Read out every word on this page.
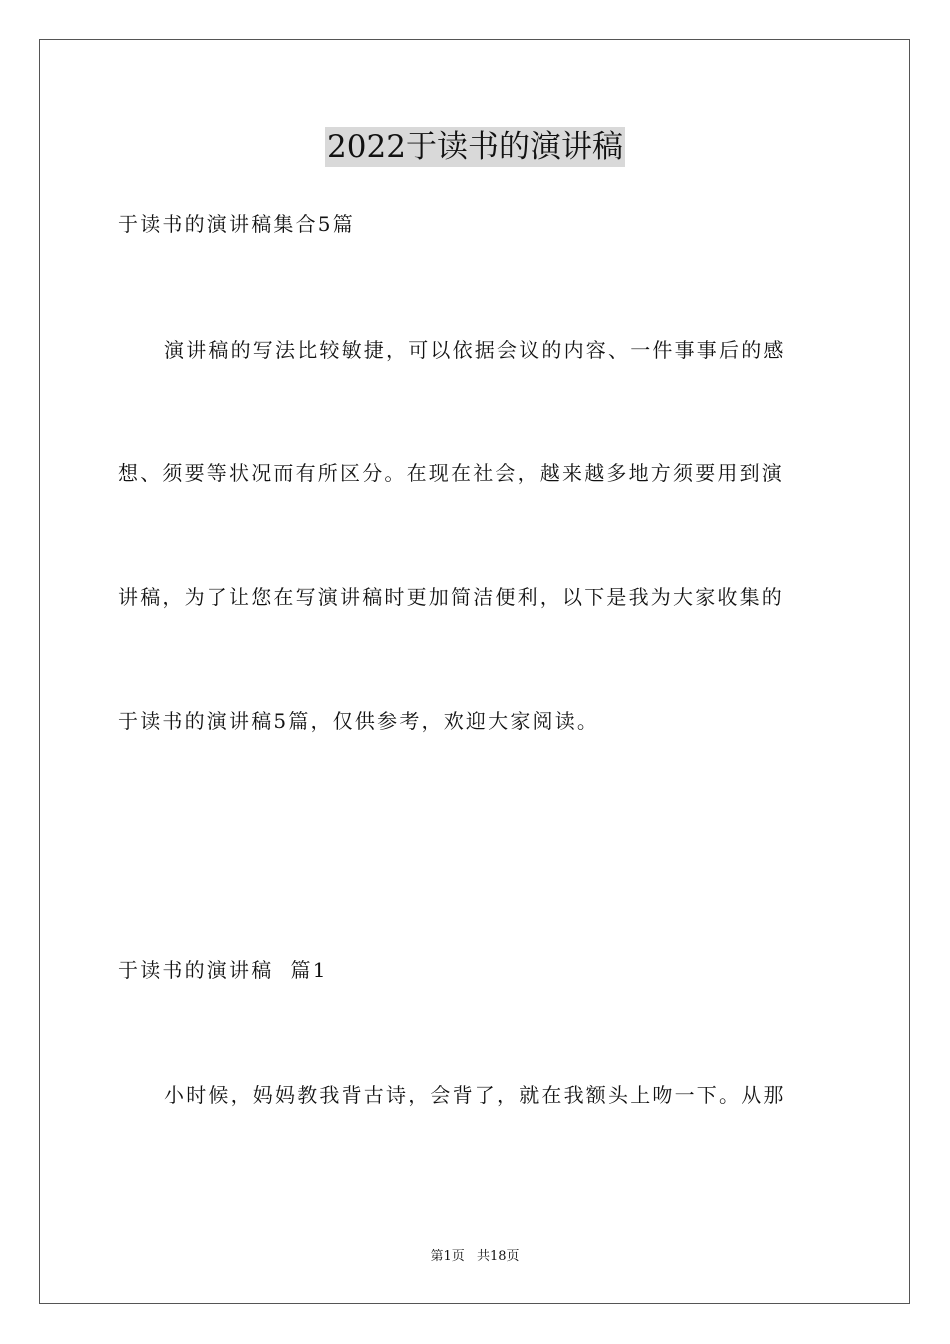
2022于读书的演讲稿
于读书的演讲稿集合5篇
演讲稿的写法比较敏捷，可以依据会议的内容、一件事事后的感
想、须要等状况而有所区分。在现在社会，越来越多地方须要用到演
讲稿，为了让您在写演讲稿时更加简洁便利，以下是我为大家收集的
于读书的演讲稿5篇，仅供参考，欢迎大家阅读。
于读书的演讲稿  篇1
小时候，妈妈教我背古诗，会背了，就在我额头上吻一下。从那
第1页 共18页
